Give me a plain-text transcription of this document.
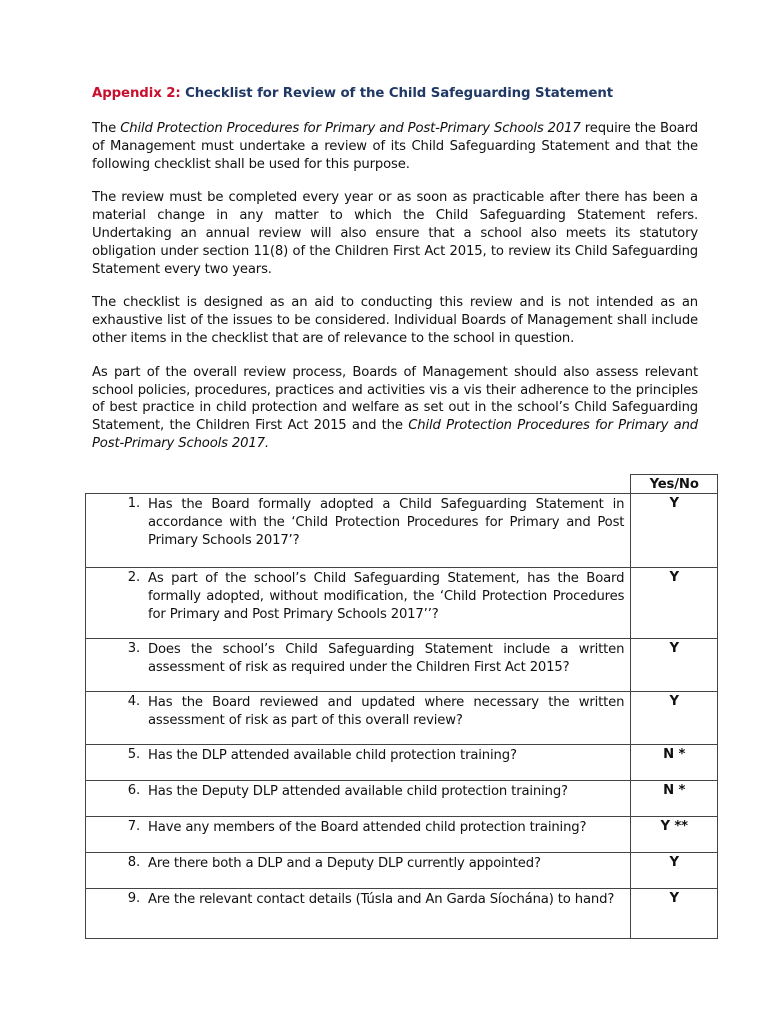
Appendix 2: Checklist for Review of the Child Safeguarding Statement

The Child Protection Procedures for Primary and Post-Primary Schools 2017 require the Board of Management must undertake a review of its Child Safeguarding Statement and that the following checklist shall be used for this purpose.

The review must be completed every year or as soon as practicable after there has been a material change in any matter to which the Child Safeguarding Statement refers. Undertaking an annual review will also ensure that a school also meets its statutory obligation under section 11(8) of the Children First Act 2015, to review its Child Safeguarding Statement every two years.

The checklist is designed as an aid to conducting this review and is not intended as an exhaustive list of the issues to be considered. Individual Boards of Management shall include other items in the checklist that are of relevance to the school in question.

As part of the overall review process, Boards of Management should also assess relevant school policies, procedures, practices and activities vis a vis their adherence to the principles of best practice in child protection and welfare as set out in the school’s Child Safeguarding Statement, the Children First Act 2015 and the Child Protection Procedures for Primary and Post-Primary Schools 2017.

	Yes/No

1. Has the Board formally adopted a Child Safeguarding Statement in accordance with the ‘Child Protection Procedures for Primary and Post Primary Schools 2017’?	Y

2. As part of the school’s Child Safeguarding Statement, has the Board formally adopted, without modification, the ‘Child Protection Procedures for Primary and Post Primary Schools 2017’’?	Y

3. Does the school’s Child Safeguarding Statement include a written assessment of risk as required under the Children First Act 2015?	Y

4. Has the Board reviewed and updated where necessary the written assessment of risk as part of this overall review?	Y

5. Has the DLP attended available child protection training?	N *

6. Has the Deputy DLP attended available child protection training?	N *

7. Have any members of the Board attended child protection training?	Y **

8. Are there both a DLP and a Deputy DLP currently appointed?	Y

9. Are the relevant contact details (Túsla and An Garda Síochána) to hand?	Y
